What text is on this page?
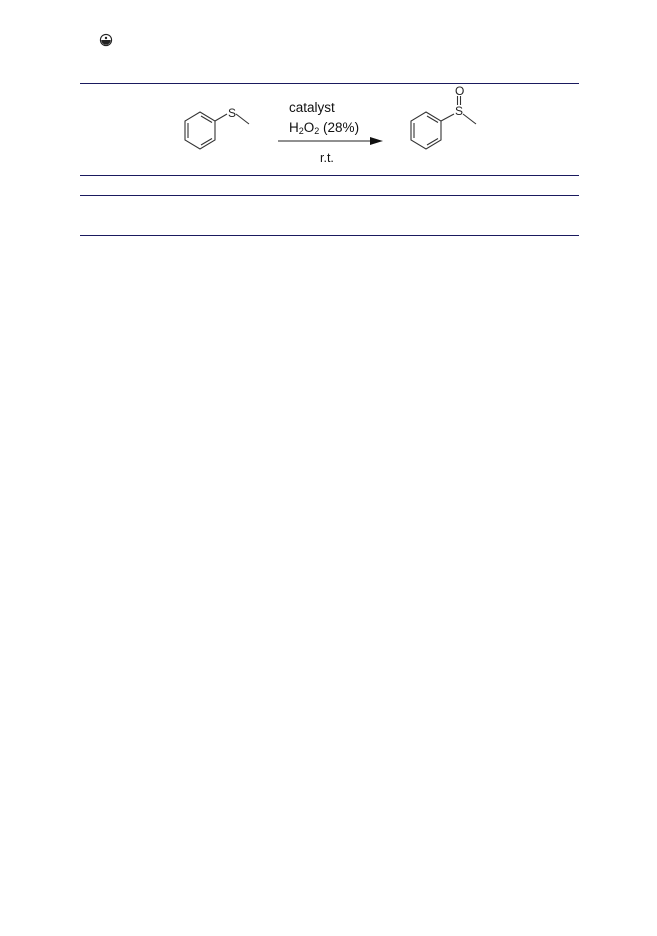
S	S
O
catalyst
$H_2O_2$ (28%)
r.t.
